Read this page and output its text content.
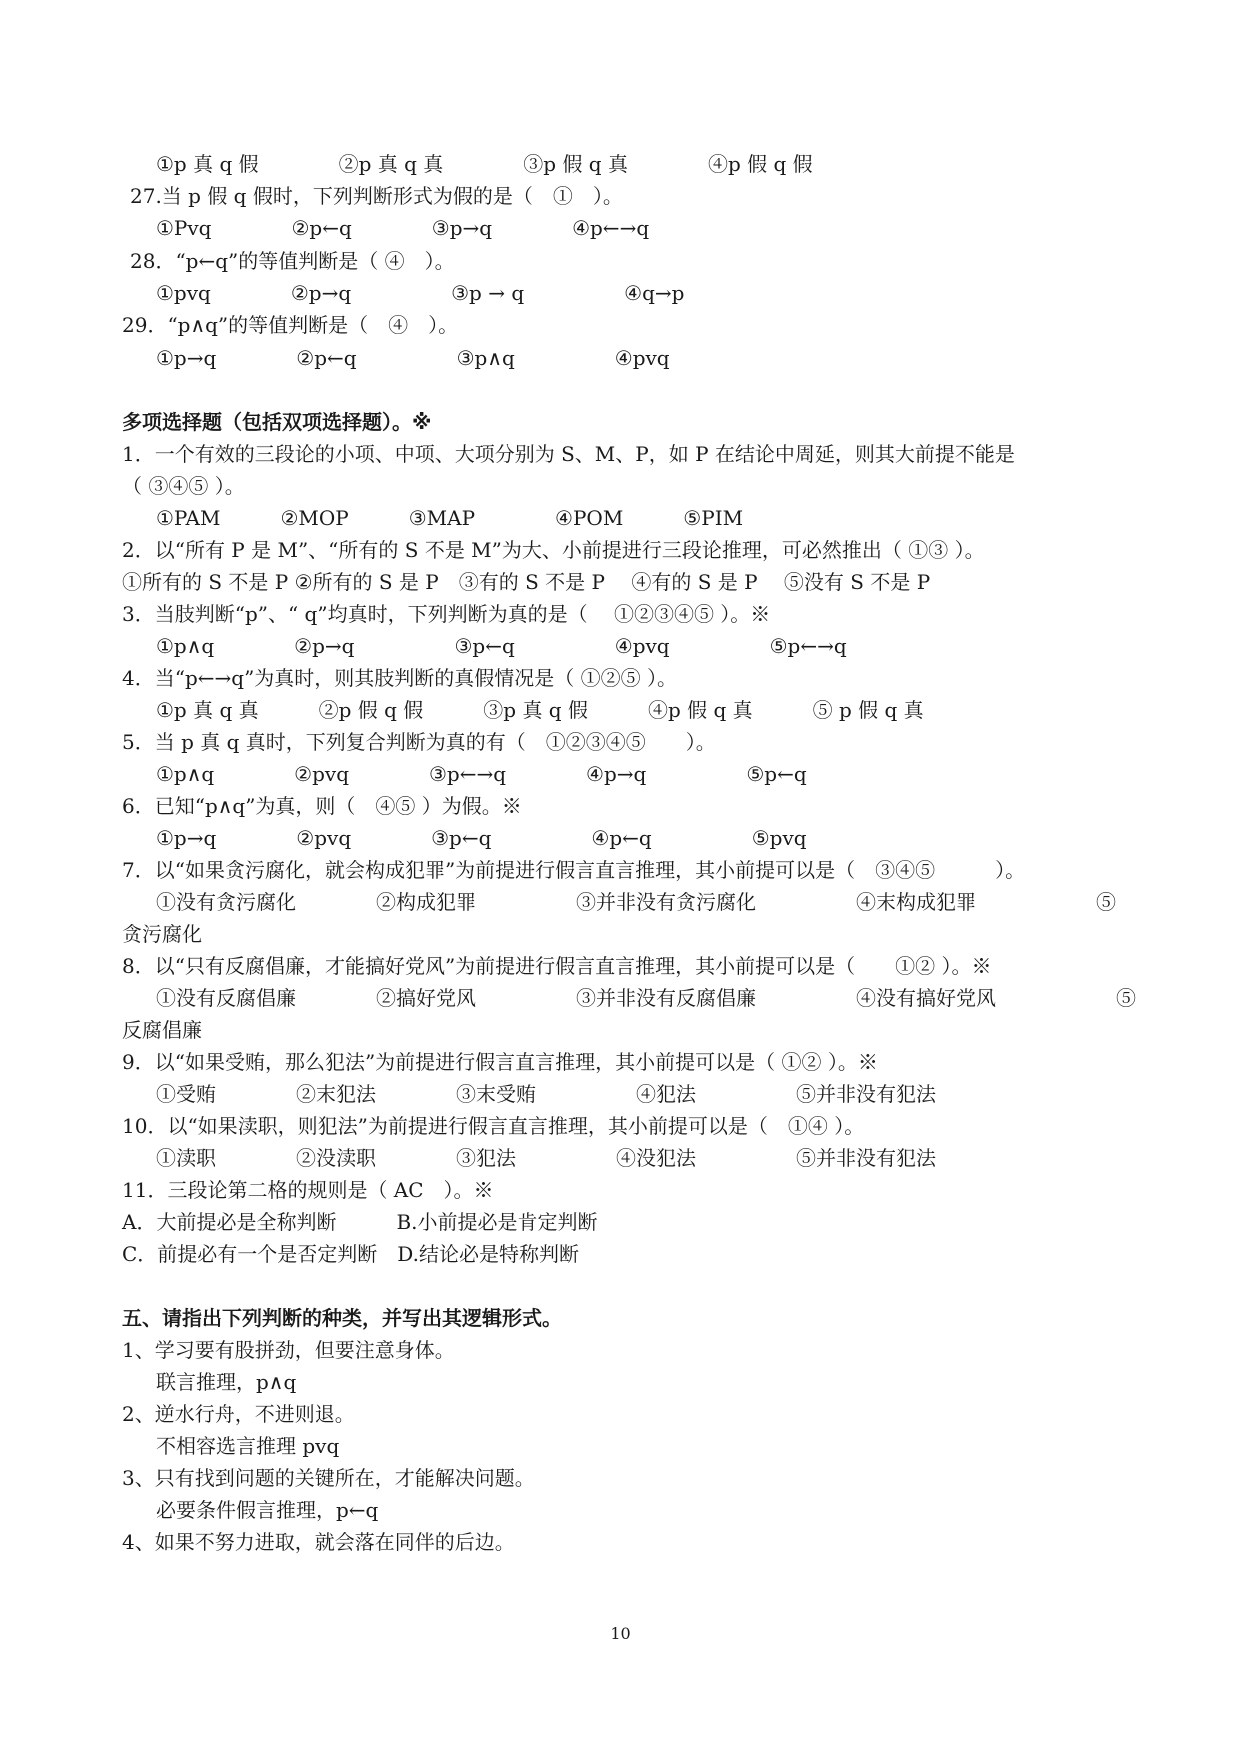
①p 真 q 假　　　　②p 真 q 真　　　　③p 假 q 真　　　　④p 假 q 假
27.当 p 假 q 假时，下列判断形式为假的是（　①　）。
①Pvq　　　　②p←q　　　　③p→q　　　　④p←→q
28．“p←q”的等值判断是（ ④　）。
①pvq　　　　②p→q　　　　　③p → q　　　　　④q→p
29．“p∧q”的等值判断是（　④　）。
①p→q　　　　②p←q　　　　　③p∧q　　　　　④pvq
多项选择题（包括双项选择题）。※
1．一个有效的三段论的小项、中项、大项分别为 S、M、P，如 P 在结论中周延，则其大前提不能是
（ ③④⑤ ）。
①PAM　　　②MOP　　　③MAP　　　　④POM　　　⑤PIM
2．以“所有 P 是 M”、“所有的 S 不是 M”为大、小前提进行三段论推理，可必然推出（ ①③ ）。
①所有的 S 不是 P ②所有的 S 是 P　③有的 S 不是 P　 ④有的 S 是 P　 ⑤没有 S 不是 P
3．当肢判断“p”、“ q”均真时，下列判断为真的是（　 ①②③④⑤ ）。※
①p∧q　　　　②p→q　　　　　③p←q　　　　　④pvq　　　　　⑤p←→q
4．当“p←→q”为真时，则其肢判断的真假情况是（ ①②⑤ ）。
①p 真 q 真　　　②p 假 q 假　　　③p 真 q 假　　　④p 假 q 真　　　⑤ p 假 q 真
5．当 p 真 q 真时，下列复合判断为真的有（　①②③④⑤　　）。
①p∧q　　　　②pvq　　　　③p←→q　　　　④p→q　　　　　⑤p←q
6．已知“p∧q”为真，则（　④⑤ ）为假。※
①p→q　　　　②pvq　　　　③p←q　　　　　④p←q　　　　　⑤pvq
7．以“如果贪污腐化，就会构成犯罪”为前提进行假言直言推理，其小前提可以是（　③④⑤　　　）。
①没有贪污腐化　　　　②构成犯罪　　　　　③并非没有贪污腐化　　　　　④末构成犯罪　　　　　　⑤
贪污腐化
8．以“只有反腐倡廉，才能搞好党风”为前提进行假言直言推理，其小前提可以是（　　①② ）。※
①没有反腐倡廉　　　　②搞好党风　　　　　③并非没有反腐倡廉　　　　　④没有搞好党风　　　　　　⑤
反腐倡廉
9．以“如果受贿，那么犯法”为前提进行假言直言推理，其小前提可以是（ ①② ）。※
①受贿　　　　②末犯法　　　　③末受贿　　　　　④犯法　　　　　⑤并非没有犯法
10．以“如果渎职，则犯法”为前提进行假言直言推理，其小前提可以是（　①④ ）。
①渎职　　　　②没渎职　　　　③犯法　　　　　④没犯法　　　　　⑤并非没有犯法
11．三段论第二格的规则是（ AC　）。※
A．大前提必是全称判断　　　B.小前提必是肯定判断
C．前提必有一个是否定判断　D.结论必是特称判断
五、请指出下列判断的种类，并写出其逻辑形式。
1、学习要有股拼劲，但要注意身体。
联言推理，p∧q
2、逆水行舟，不进则退。
不相容选言推理 pvq
3、只有找到问题的关键所在，才能解决问题。
必要条件假言推理，p←q
4、如果不努力进取，就会落在同伴的后边。
10
